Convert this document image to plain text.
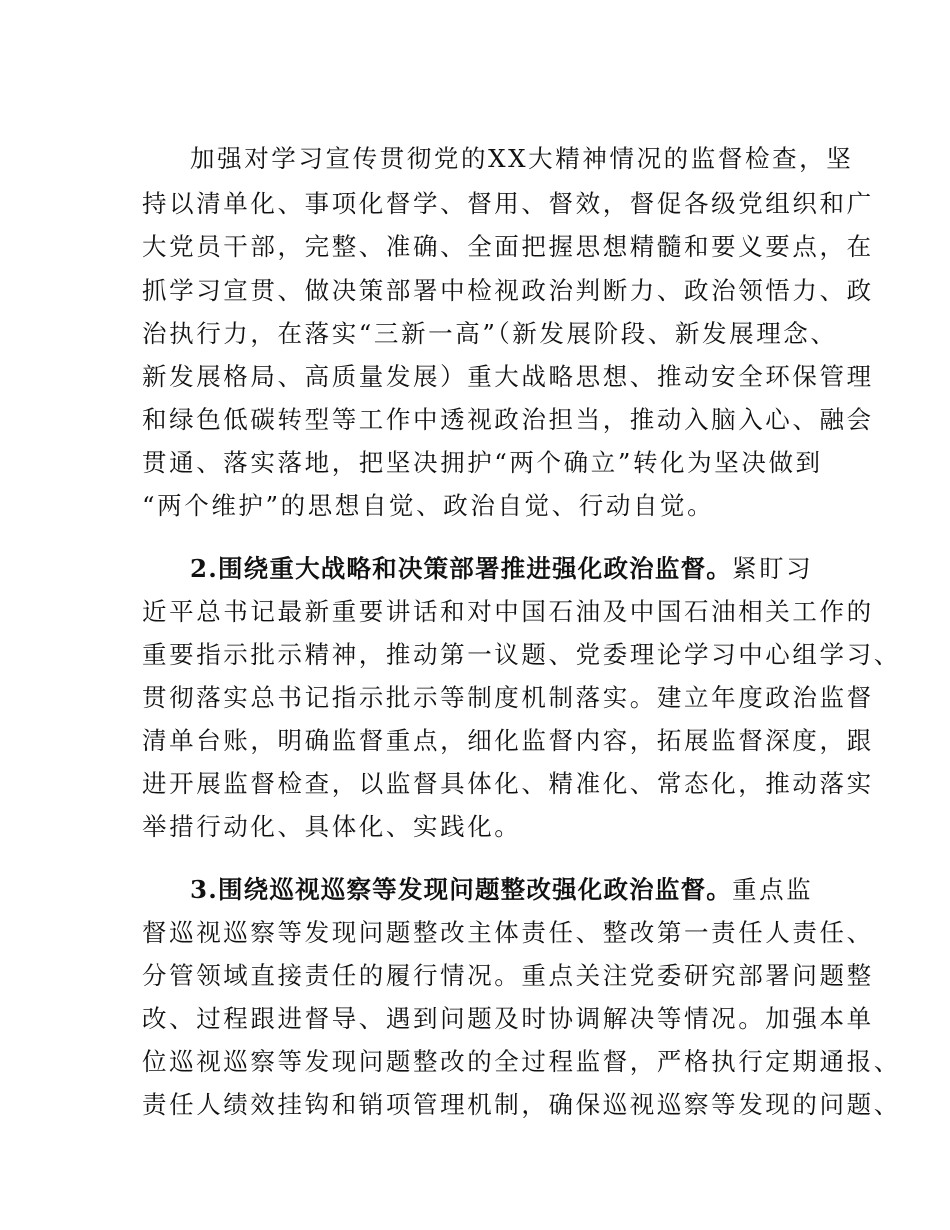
加强对学习宣传贯彻党的XX大精神情况的监督检查，坚
持以清单化、事项化督学、督用、督效，督促各级党组织和广
大党员干部，完整、准确、全面把握思想精髓和要义要点，在
抓学习宣贯、做决策部署中检视政治判断力、政治领悟力、政
治执行力，在落实“三新一高”（新发展阶段、新发展理念、
新发展格局、高质量发展）重大战略思想、推动安全环保管理
和绿色低碳转型等工作中透视政治担当，推动入脑入心、融会
贯通、落实落地，把坚决拥护“两个确立”转化为坚决做到
“两个维护”的思想自觉、政治自觉、行动自觉。
2.围绕重大战略和决策部署推进强化政治监督。紧盯习
近平总书记最新重要讲话和对中国石油及中国石油相关工作的
重要指示批示精神，推动第一议题、党委理论学习中心组学习、
贯彻落实总书记指示批示等制度机制落实。建立年度政治监督
清单台账，明确监督重点，细化监督内容，拓展监督深度，跟
进开展监督检查，以监督具体化、精准化、常态化，推动落实
举措行动化、具体化、实践化。
3.围绕巡视巡察等发现问题整改强化政治监督。重点监
督巡视巡察等发现问题整改主体责任、整改第一责任人责任、
分管领域直接责任的履行情况。重点关注党委研究部署问题整
改、过程跟进督导、遇到问题及时协调解决等情况。加强本单
位巡视巡察等发现问题整改的全过程监督，严格执行定期通报、
责任人绩效挂钩和销项管理机制，确保巡视巡察等发现的问题、
